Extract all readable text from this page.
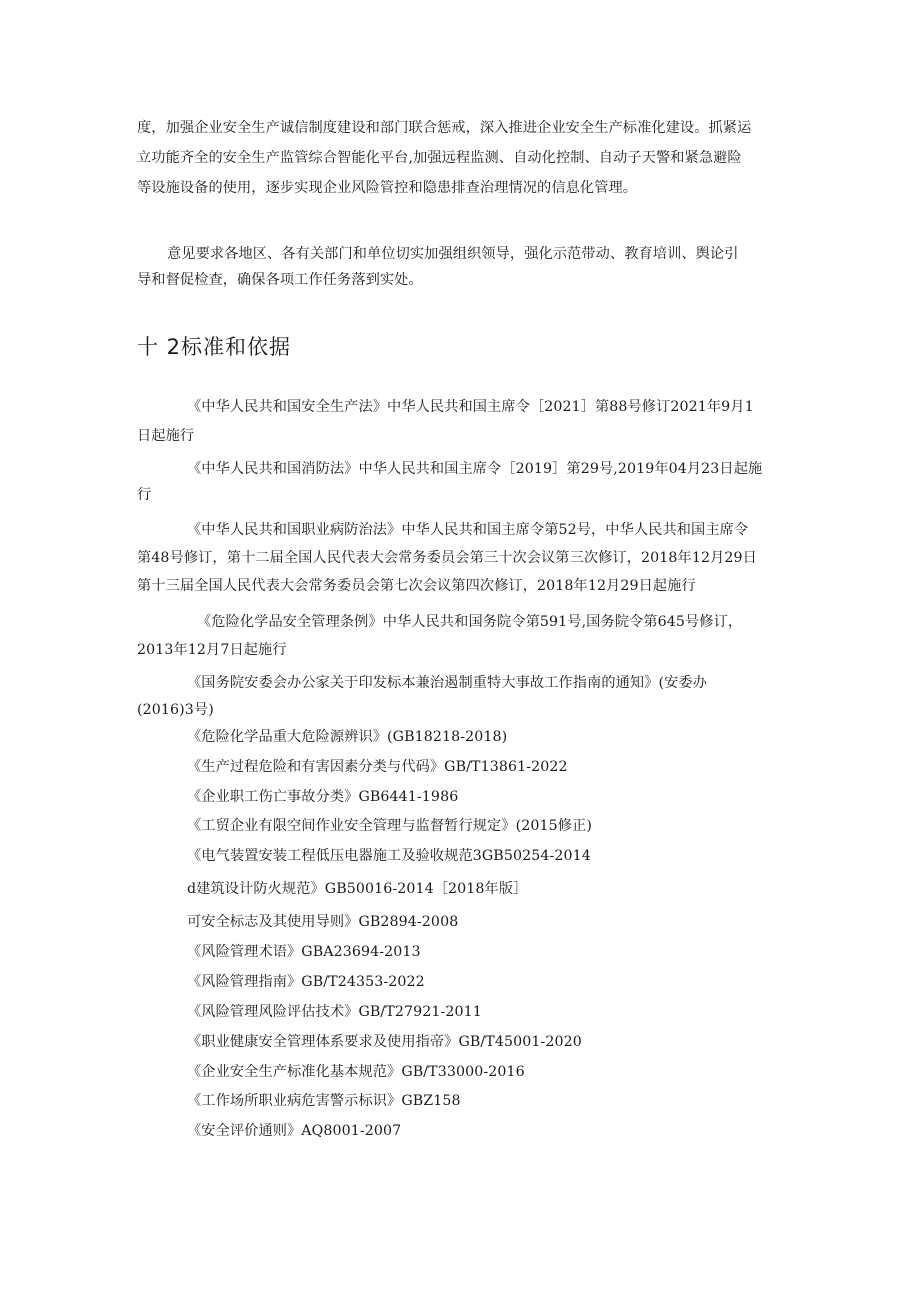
度，加强企业安全生产诚信制度建设和部门联合惩戒，深入推进企业安全生产标准化建设。抓紧运
立功能齐全的安全生产监管综合智能化平台,加强远程监测、自动化控制、自动子天警和紧急避险
等设施设备的使用，逐步实现企业风险管控和隐患排查治理情况的信息化管理。
意见要求各地区、各有关部门和单位切实加强组织领导，强化示范带动、教育培训、舆论引
导和督促检查，确保各项工作任务落到实处。
十 2标准和依据
《中华人民共和国安全生产法》中华人民共和国主席令［2021］第88号修订2021年9月1
日起施行
《中华人民共和国消防法》中华人民共和国主席令［2019］第29号,2019年04月23日起施
行
《中华人民共和国职业病防治法》中华人民共和国主席令第52号，中华人民共和国主席令
第48号修订，第十二届全国人民代表大会常务委员会第三十次会议第三次修订，2018年12月29日
第十三届全国人民代表大会常务委员会第七次会议第四次修订，2018年12月29日起施行
《危险化学品安全管理条例》中华人民共和国务院令第591号,国务院令第645号修订，
2013年12月7日起施行
《国务院安委会办公家关于印发标本兼治遏制重特大事故工作指南的通知》(安委办
(2016)3号)
《危险化学品重大危险源辨识》(GB18218-2018)
《生产过程危险和有害因素分类与代码》GB/T13861-2022
《企业职工伤亡事故分类》GB6441-1986
《工贸企业有限空间作业安全管理与监督暂行规定》(2015修正)
《电气装置安装工程低压电器施工及验收规范3GB50254-2014
d建筑设计防火规范》GB50016-2014［2018年版］
可安全标志及其使用导则》GB2894-2008
《风险管理术语》GBA23694-2013
《风险管理指南》GB/T24353-2022
《风险管理风险评估技术》GB/T27921-2011
《职业健康安全管理体系要求及使用指帝》GB/T45001-2020
《企业安全生产标准化基本规范》GB/T33000-2016
《工作场所职业病危害警示标识》GBZ158
《安全评价通则》AQ8001-2007
